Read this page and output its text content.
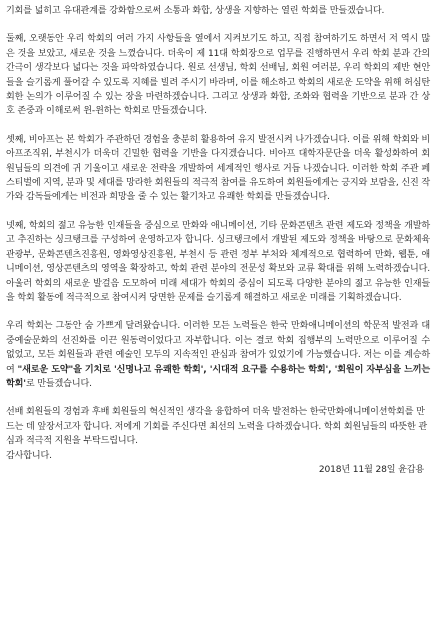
기회를 넓히고 유대관계를 강화함으로써 소통과 화합, 상생을 지향하는 열린 학회를 만들겠습니다.

둘째, 오랫동안 우리 학회의 여러 가지 사항들을 옆에서 지켜보기도 하고, 직접 참여하기도 하면서 저 역시 많은 것을 보았고, 새로운 것을 느꼈습니다. 더욱이 제 11대 학회장으로 업무를 진행하면서 우리 학회 분과 간의 간극이 생각보다 넓다는 것을 파악하였습니다. 원로 선생님, 학회 선배님, 회원 여러분, 우리 학회의 제반 현안들을 슬기롭게 풀어갈 수 있도록 지혜를 빌려 주시기 바라며, 이를 해소하고 학회의 새로운 도약을 위해 허심탄회한 논의가 이루어질 수 있는 장을 마련하겠습니다. 그리고 상생과 화합, 조화와 협력을 기반으로 분과 간 상호 존중과 이해로써 윈-윈하는 학회로 만들겠습니다.

셋째, 비아프는 본 학회가 주관하던 경험을 충분히 활용하여 유지 발전시켜 나가겠습니다. 이를 위해 학회와 비아프조직위, 부천시가 더욱더 긴밀한 협력을 기반을 다지겠습니다. 비아프 대학자문단을 더욱 활성화하여 회원님들의 의견에 귀 기울이고 새로운 전략을 개발하여 세계적인 행사로 거듭 나겠습니다. 이러한 학회 주관 페스티벌에 지역, 분과 및 세대를 망라한 회원들의 적극적 참여를 유도하여 회원들에게는 긍지와 보람을, 신진 작가와 감독들에게는 비전과 희망을 줄 수 있는 활기차고 유쾌한 학회를 만들겠습니다.

넷째, 학회의 젊고 유능한 인재들을 중심으로 만화와 애니메이션, 기타 문화콘텐츠 관련 제도와 정책을 개발하고 추진하는 싱크탱크를 구성하여 운영하고자 합니다. 싱크탱크에서 개발된 제도와 정책을 바탕으로 문화체육관광부, 문화콘텐츠진흥원, 영화영상진흥원, 부천시 등 관련 정부 부처와 체계적으로 협력하여 만화, 웹툰, 애니메이션, 영상콘텐츠의 영역을 확장하고, 학회 관련 분야의 전문성 확보와 교류 확대를 위해 노력하겠습니다. 아울러 학회의 새로운 발걸음 도모하여 미래 세대가 학회의 중심이 되도록 다양한 분야의 젊고 유능한 인재들을 학회 활동에 적극적으로 참여시켜 당면한 문제를 슬기롭게 해결하고 새로운 미래를 기획하겠습니다.

우리 학회는 그동안 숨 가쁘게 달려왔습니다. 이러한 모든 노력들은 한국 만화애니메이션의 학문적 발전과 대중예술문화의 선진화를 이끈 원동력이었다고 자부합니다. 이는 결코 학회 집행부의 노력만으로 이루어질 수 없었고, 모든 회원들과 관련 예술인 모두의 지속적인 관심과 참여가 있었기에 가능했습니다. 저는 이를 계승하여 "새로운 도약"을 기치로 '신명나고 유쾌한 학회', '시대적 요구를 수용하는 학회', '회원이 자부심을 느끼는 학회'로 만들겠습니다.

선배 회원들의 경험과 후배 회원들의 혁신적인 생각을 융합하여 더욱 발전하는 한국만화애니메이션학회를 만드는 데 앞장서고자 합니다. 저에게 기회를 주신다면 최선의 노력을 다하겠습니다. 학회 회원님들의 따뜻한 관심과 적극적 지원을 부탁드립니다.

감사합니다.

2018년 11월 28일 윤갑용
